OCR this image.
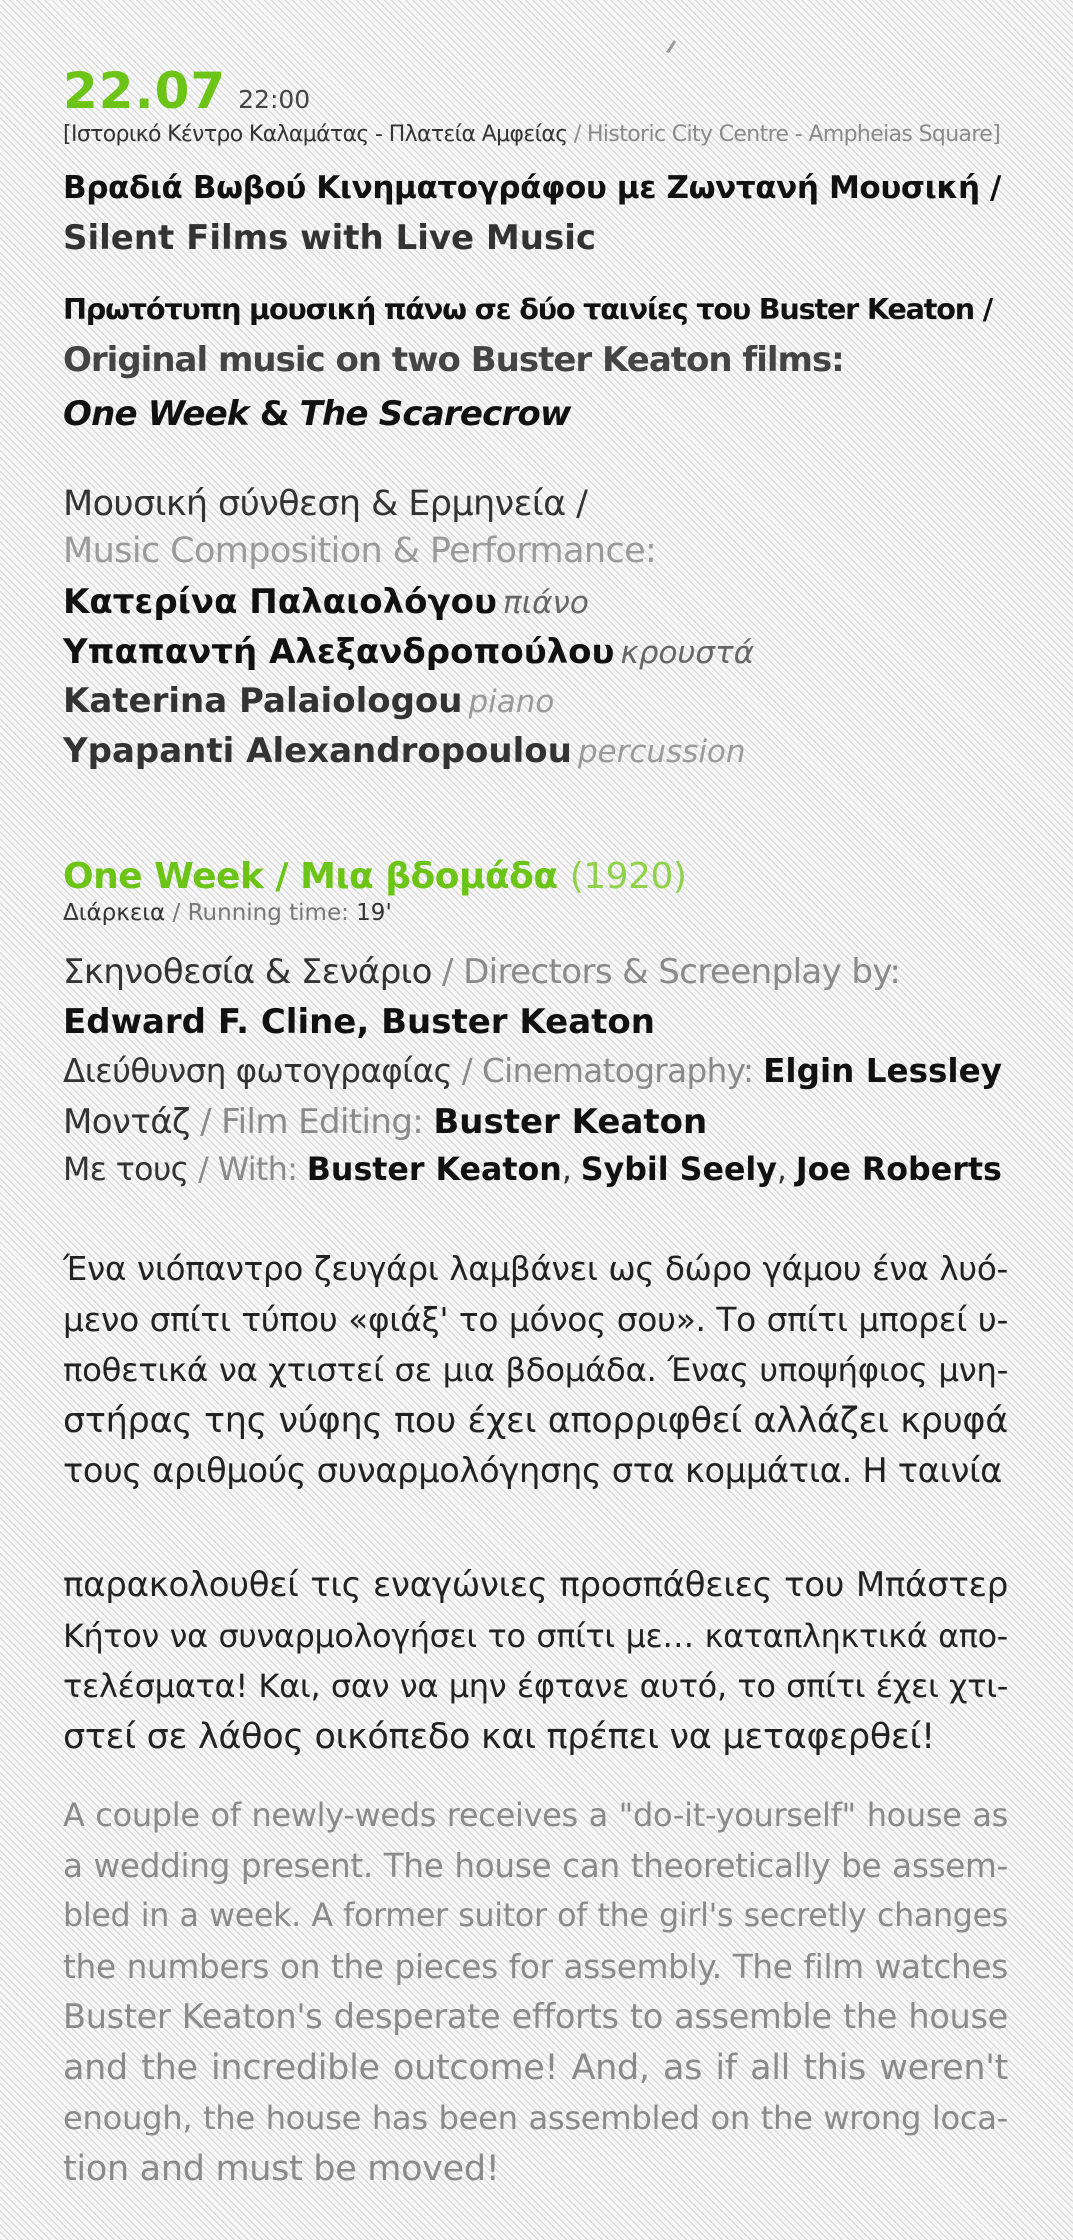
22.07 22:00
[Ιστορικό Κέντρο Καλαμάτας - Πλατεία Αμφείας / Historic City Centre - Ampheias Square]
Βραδιά Βωβού Κινηματογράφου με Ζωντανή Μουσική /
Silent Films with Live Music
Πρωτότυπη μουσική πάνω σε δύο ταινίες του Buster Keaton /
Original music on two Buster Keaton films:
One Week & The Scarecrow
Μουσική σύνθεση & Ερμηνεία /
Music Composition & Performance:
Κατερίνα Παλαιολόγου πιάνο
Υπαπαντή Αλεξανδροπούλου κρουστά
Katerina Palaiologou piano
Ypapanti Alexandropoulou percussion
One Week / Μια βδομάδα (1920)
Διάρκεια / Running time: 19'
Σκηνοθεσία & Σενάριο / Directors & Screenplay by:
Edward F. Cline, Buster Keaton
Διεύθυνση φωτογραφίας / Cinematography: Elgin Lessley
Μοντάζ / Film Editing: Buster Keaton
Με τους / With: Buster Keaton, Sybil Seely, Joe Roberts
Ένα νιόπαντρο ζευγάρι λαμβάνει ως δώρο γάμου ένα λυό-
μενο σπίτι τύπου «φιάξ' το μόνος σου». Το σπίτι μπορεί υ-
ποθετικά να χτιστεί σε μια βδομάδα. Ένας υποψήφιος μνη-
στήρας της νύφης που έχει απορριφθεί αλλάζει κρυφά
τους αριθμούς συναρμολόγησης στα κομμάτια. Η ταινία
παρακολουθεί τις εναγώνιες προσπάθειες του Μπάστερ
Κήτον να συναρμολογήσει το σπίτι με… καταπληκτικά απο-
τελέσματα! Και, σαν να μην έφτανε αυτό, το σπίτι έχει χτι-
στεί σε λάθος οικόπεδο και πρέπει να μεταφερθεί!
A couple of newly-weds receives a "do-it-yourself" house as
a wedding present. The house can theoretically be assem-
bled in a week. A former suitor of the girl's secretly changes
the numbers on the pieces for assembly. The film watches
Buster Keaton's desperate efforts to assemble the house
and the incredible outcome! And, as if all this weren't
enough, the house has been assembled on the wrong loca-
tion and must be moved!
